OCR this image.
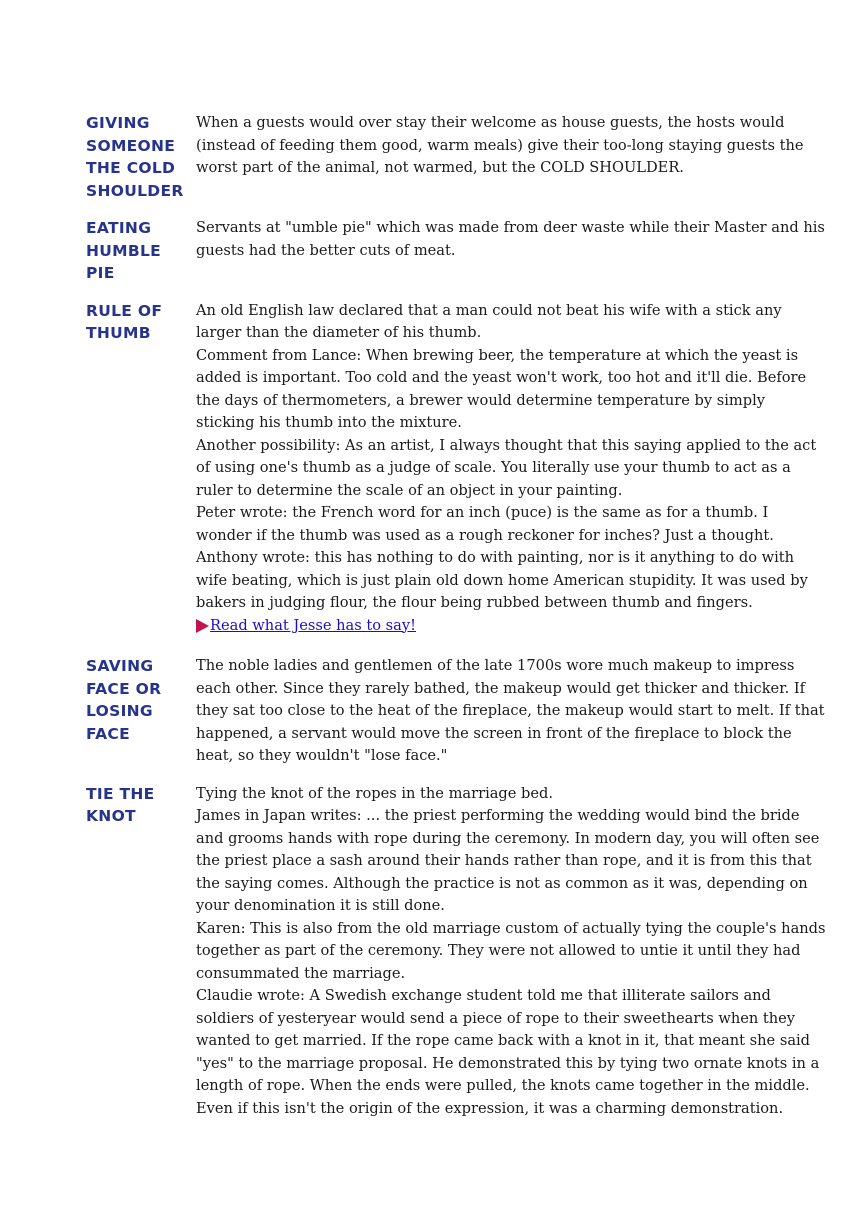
GIVING
SOMEONE
THE COLD
SHOULDER

When a guests would over stay their welcome as house guests, the hosts would (instead of feeding them good, warm meals) give their too-long staying guests the worst part of the animal, not warmed, but the COLD SHOULDER.

EATING
HUMBLE
PIE

Servants at "umble pie" which was made from deer waste while their Master and his guests had the better cuts of meat.

RULE OF
THUMB

An old English law declared that a man could not beat his wife with a stick any larger than the diameter of his thumb.

Comment from Lance: When brewing beer, the temperature at which the yeast is added is important. Too cold and the yeast won't work, too hot and it'll die. Before the days of thermometers, a brewer would determine temperature by simply sticking his thumb into the mixture.

Another possibility: As an artist, I always thought that this saying applied to the act of using one's thumb as a judge of scale. You literally use your thumb to act as a ruler to determine the scale of an object in your painting.

Peter wrote: the French word for an inch (puce) is the same as for a thumb. I wonder if the thumb was used as a rough reckoner for inches? Just a thought.

Anthony wrote: this has nothing to do with painting, nor is it anything to do with wife beating, which is just plain old down home American stupidity. It was used by bakers in judging flour, the flour being rubbed between thumb and fingers.

Read what Jesse has to say!
SAVING
FACE OR
LOSING
FACE

The noble ladies and gentlemen of the late 1700s wore much makeup to impress each other. Since they rarely bathed, the makeup would get thicker and thicker. If they sat too close to the heat of the fireplace, the makeup would start to melt. If that happened, a servant would move the screen in front of the fireplace to block the heat, so they wouldn't "lose face."

TIE THE
KNOT

Tying the knot of the ropes in the marriage bed.

James in Japan writes: ... the priest performing the wedding would bind the bride and grooms hands with rope during the ceremony. In modern day, you will often see the priest place a sash around their hands rather than rope, and it is from this that the saying comes. Although the practice is not as common as it was, depending on your denomination it is still done.

Karen: This is also from the old marriage custom of actually tying the couple's hands together as part of the ceremony. They were not allowed to untie it until they had consummated the marriage.

Claudie wrote: A Swedish exchange student told me that illiterate sailors and soldiers of yesteryear would send a piece of rope to their sweethearts when they wanted to get married. If the rope came back with a knot in it, that meant she said "yes" to the marriage proposal. He demonstrated this by tying two ornate knots in a length of rope. When the ends were pulled, the knots came together in the middle. Even if this isn't the origin of the expression, it was a charming demonstration.
